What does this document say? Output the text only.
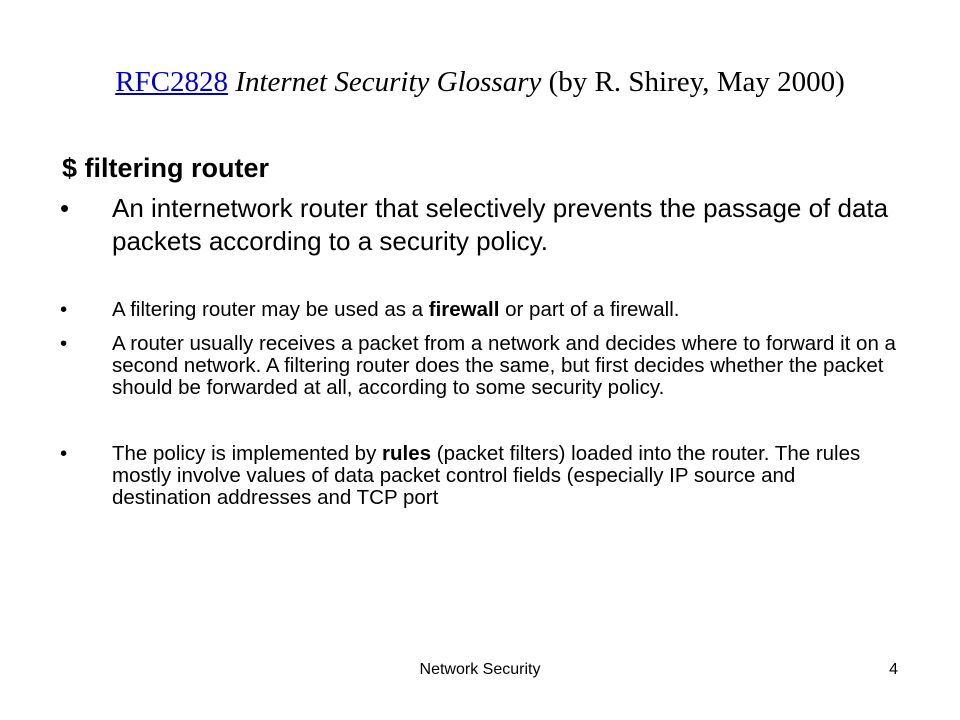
RFC2828 Internet Security Glossary (by R. Shirey, May 2000)
$ filtering router
• An internetwork router that selectively prevents the passage of data packets according to a security policy.
• A filtering router may be used as a firewall or part of a firewall.
• A router usually receives a packet from a network and decides where to forward it on a second network. A filtering router does the same, but first decides whether the packet should be forwarded at all, according to some security policy.
• The policy is implemented by rules (packet filters) loaded into the router. The rules mostly involve values of data packet control fields (especially IP source and destination addresses and TCP port
Network Security	4
